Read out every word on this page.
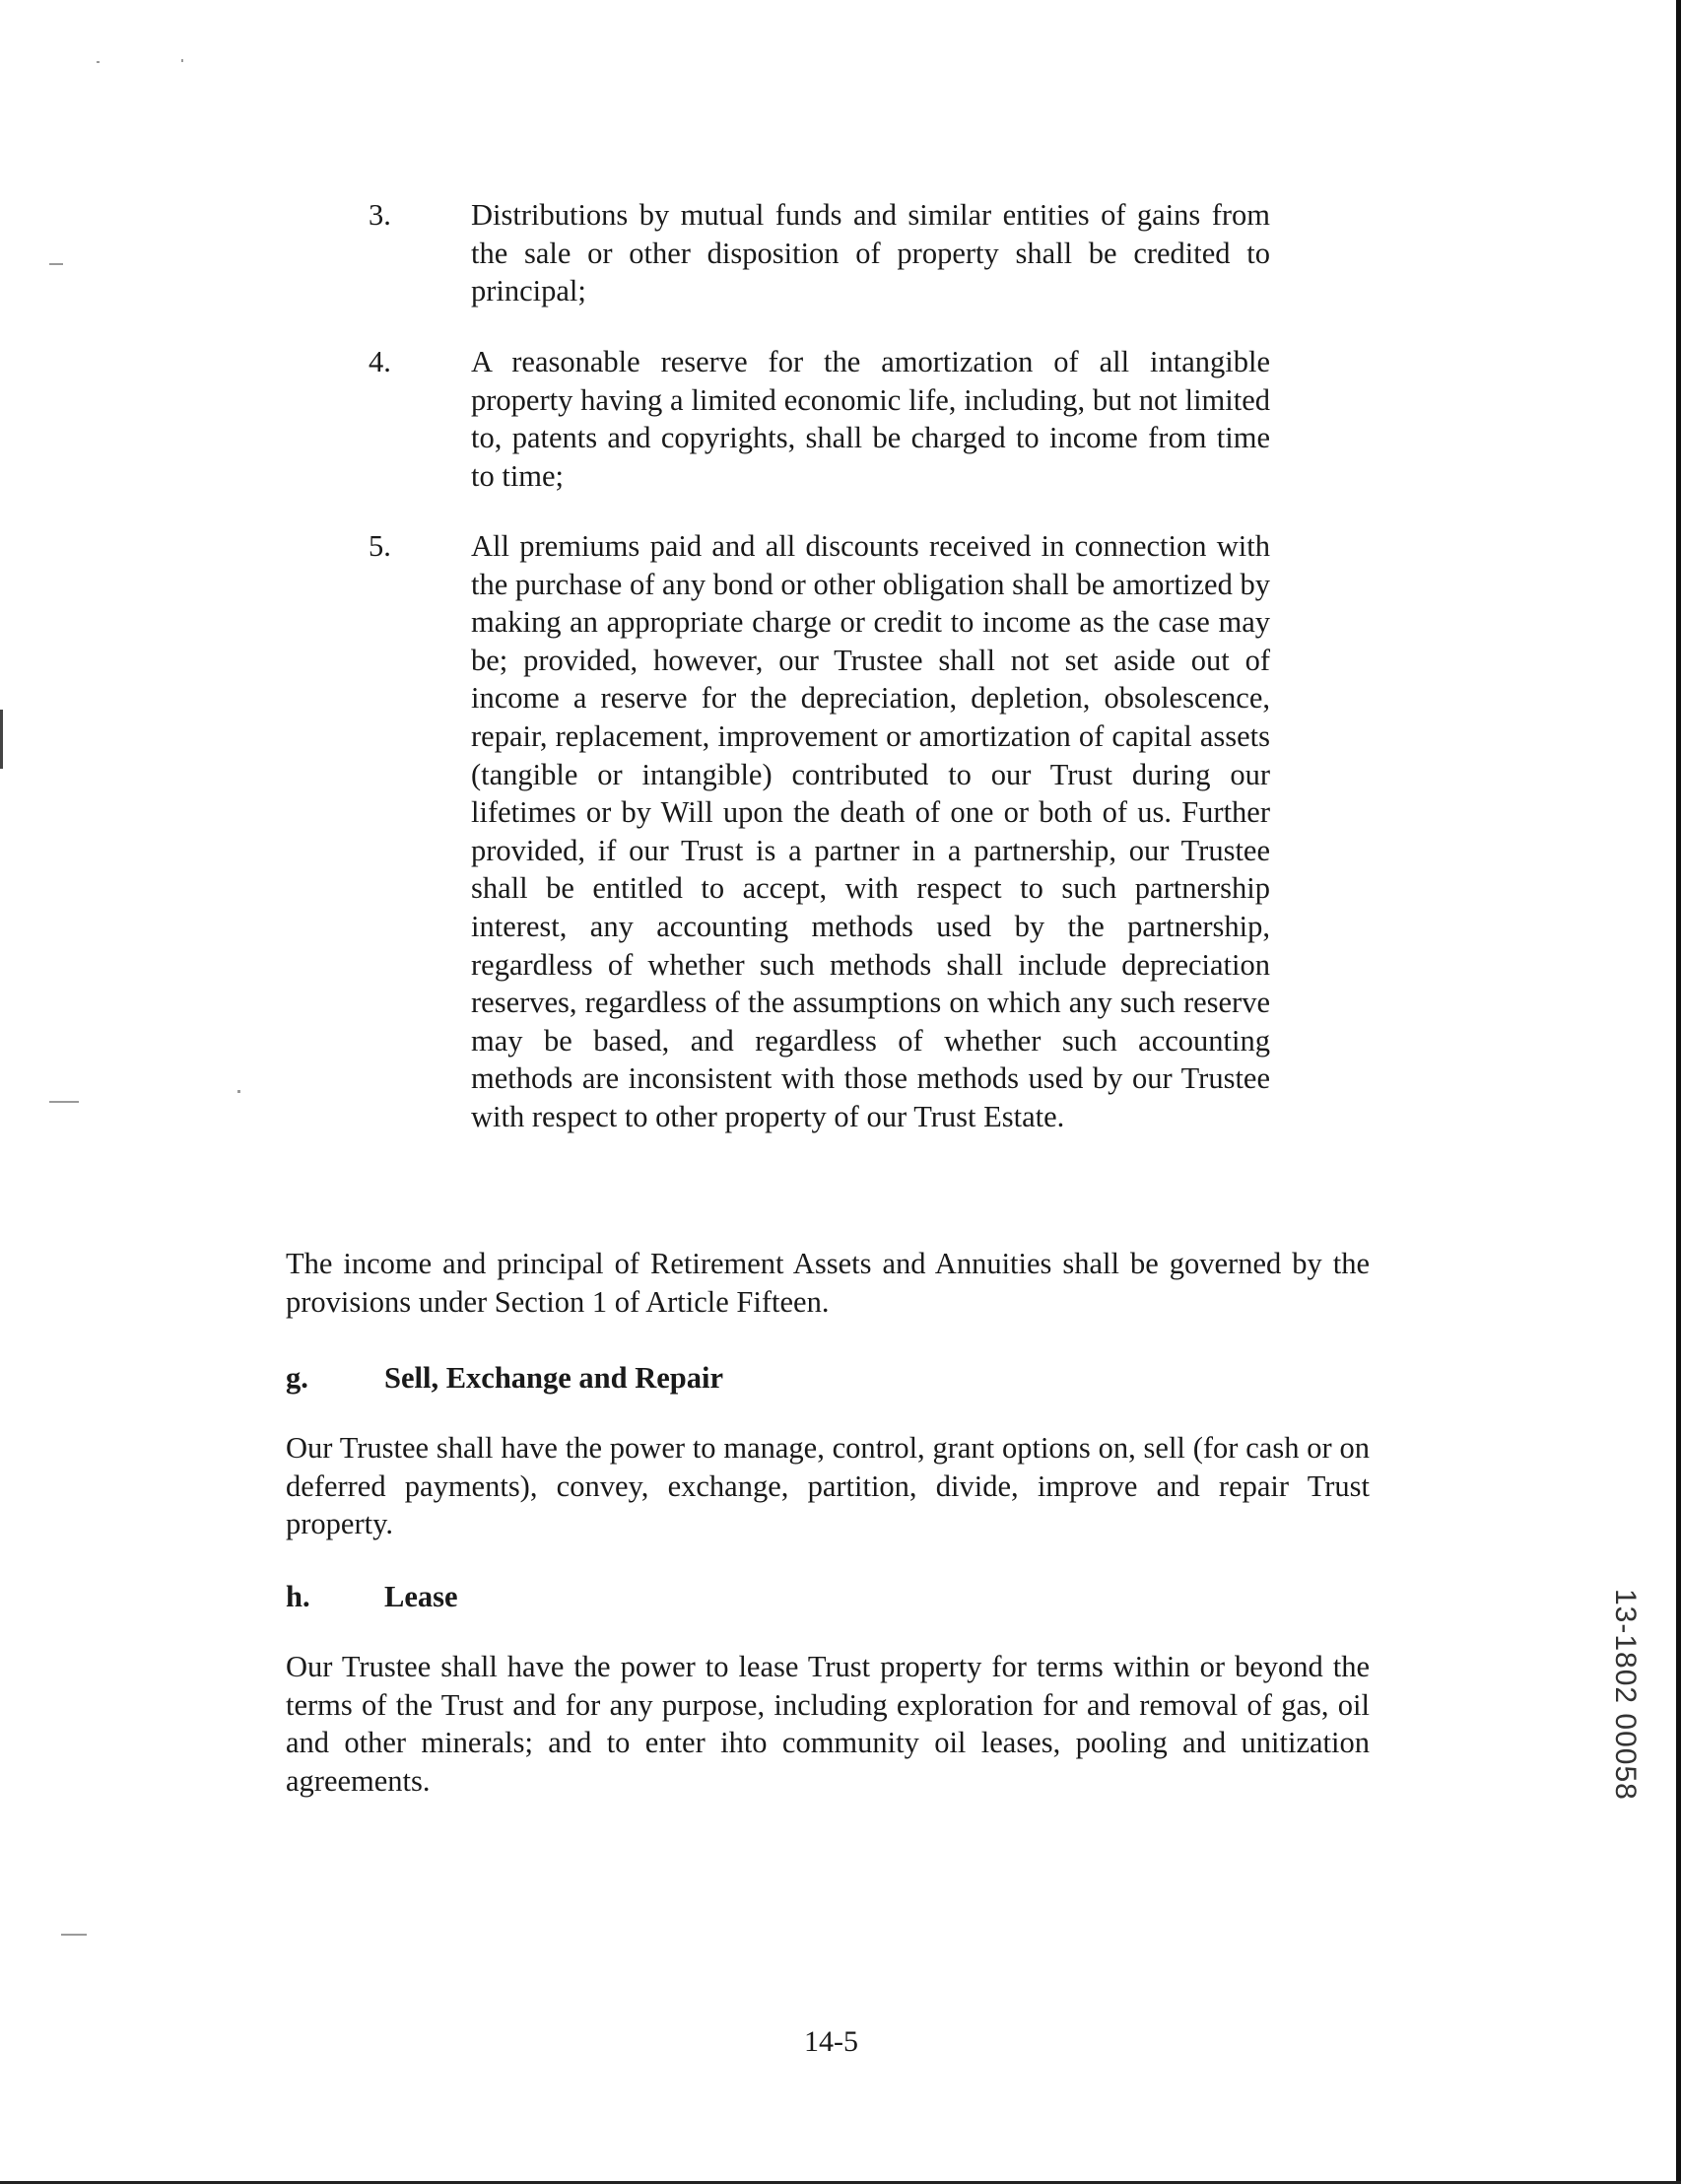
3.	Distributions by mutual funds and similar entities of gains from the sale or other disposition of property shall be credited to principal;
4.	A reasonable reserve for the amortization of all intangible property having a limited economic life, including, but not limited to, patents and copyrights, shall be charged to income from time to time;
5.	All premiums paid and all discounts received in connection with the purchase of any bond or other obligation shall be amortized by making an appropriate charge or credit to income as the case may be; provided, however, our Trustee shall not set aside out of income a reserve for the depreciation, depletion, obsolescence, repair, replacement, improvement or amortization of capital assets (tangible or intangible) contributed to our Trust during our lifetimes or by Will upon the death of one or both of us. Further provided, if our Trust is a partner in a partnership, our Trustee shall be entitled to accept, with respect to such partnership interest, any accounting methods used by the partnership, regardless of whether such methods shall include depreciation reserves, regardless of the assumptions on which any such reserve may be based, and regardless of whether such accounting methods are inconsistent with those methods used by our Trustee with respect to other property of our Trust Estate.
The income and principal of Retirement Assets and Annuities shall be governed by the provisions under Section 1 of Article Fifteen.
g.	Sell, Exchange and Repair
Our Trustee shall have the power to manage, control, grant options on, sell (for cash or on deferred payments), convey, exchange, partition, divide, improve and repair Trust property.
h. Lease
Our Trustee shall have the power to lease Trust property for terms within or beyond the terms of the Trust and for any purpose, including exploration for and removal of gas, oil and other minerals; and to enter ihto community oil leases, pooling and unitization agreements.
14-5
13-1802 00058
